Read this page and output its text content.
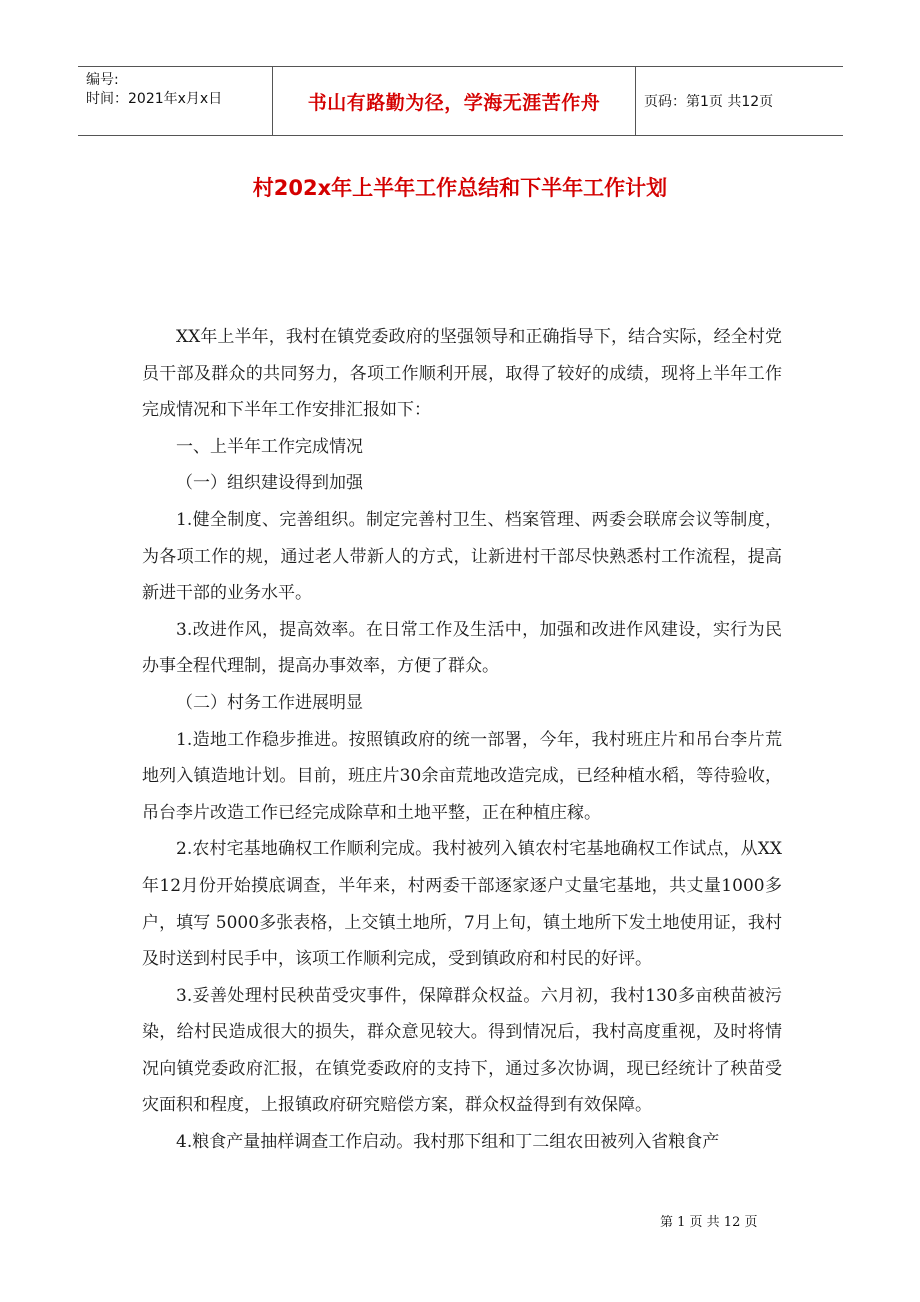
编号:
时间：2021年x月x日	书山有路勤为径，学海无涯苦作舟	页码：第1页 共12页
村202x年上半年工作总结和下半年工作计划

XX年上半年，我村在镇党委政府的坚强领导和正确指导下，结合实际，经全村党员干部及群众的共同努力，各项工作顺利开展，取得了较好的成绩，现将上半年工作完成情况和下半年工作安排汇报如下：

一、上半年工作完成情况

（一）组织建设得到加强

1.健全制度、完善组织。制定完善村卫生、档案管理、两委会联席会议等制度，为各项工作的规，通过老人带新人的方式，让新进村干部尽快熟悉村工作流程，提高新进干部的业务水平。

3.改进作风，提高效率。在日常工作及生活中，加强和改进作风建设，实行为民办事全程代理制，提高办事效率，方便了群众。

（二）村务工作进展明显

1.造地工作稳步推进。按照镇政府的统一部署，今年，我村班庄片和吊台李片荒地列入镇造地计划。目前，班庄片30余亩荒地改造完成，已经种植水稻，等待验收，吊台李片改造工作已经完成除草和土地平整，正在种植庄稼。

2.农村宅基地确权工作顺利完成。我村被列入镇农村宅基地确权工作试点，从XX年12月份开始摸底调查，半年来，村两委干部逐家逐户丈量宅基地，共丈量1000多户，填写 5000多张表格，上交镇土地所，7月上旬，镇土地所下发土地使用证，我村及时送到村民手中，该项工作顺利完成，受到镇政府和村民的好评。

3.妥善处理村民秧苗受灾事件，保障群众权益。六月初，我村130多亩秧苗被污染，给村民造成很大的损失，群众意见较大。得到情况后，我村高度重视，及时将情况向镇党委政府汇报，在镇党委政府的支持下，通过多次协调，现已经统计了秧苗受灾面积和程度，上报镇政府研究赔偿方案，群众权益得到有效保障。

4.粮食产量抽样调查工作启动。我村那下组和丁二组农田被列入省粮食产

第 1 页 共 12 页
